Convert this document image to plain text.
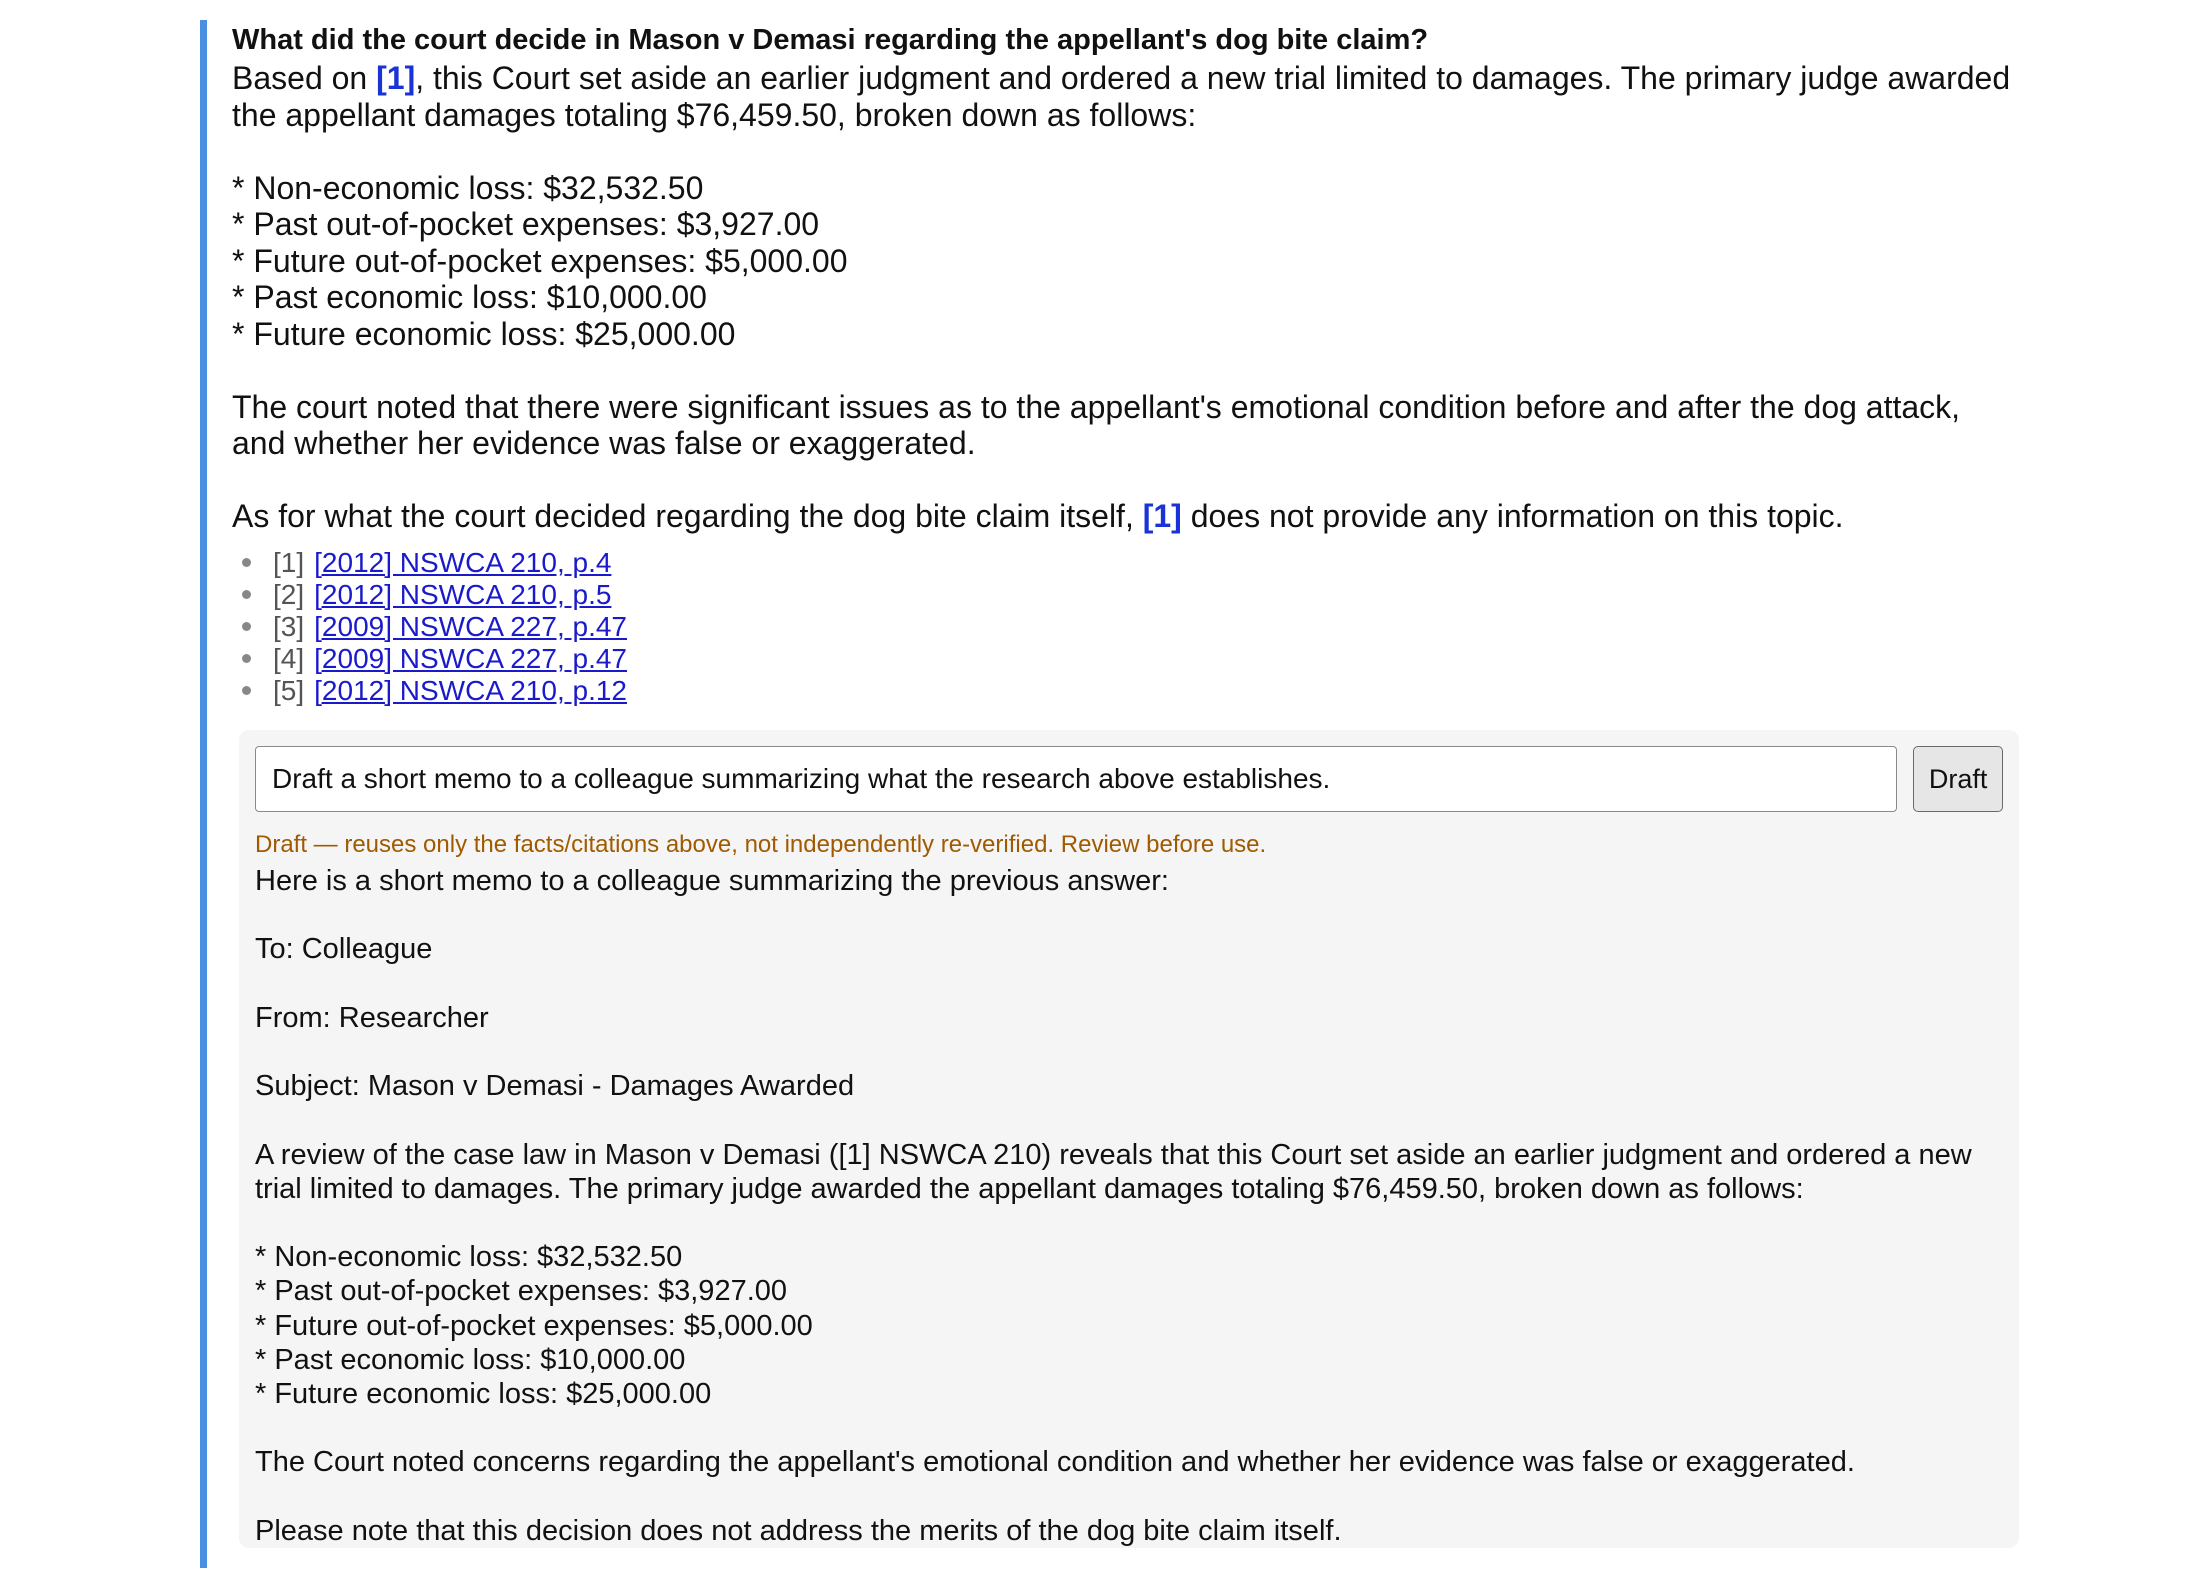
What did the court decide in Mason v Demasi regarding the appellant's dog bite claim?

Based on [1], this Court set aside an earlier judgment and ordered a new trial limited to damages. The primary judge awarded the appellant damages totaling $76,459.50, broken down as follows:

* Non-economic loss: $32,532.50

* Past out-of-pocket expenses: $3,927.00

* Future out-of-pocket expenses: $5,000.00

* Past economic loss: $10,000.00

* Future economic loss: $25,000.00

The court noted that there were significant issues as to the appellant's emotional condition before and after the dog attack, and whether her evidence was false or exaggerated.

As for what the court decided regarding the dog bite claim itself, [1] does not provide any information on this topic.

[1] [2012] NSWCA 210, p.4
[2] [2012] NSWCA 210, p.5
[3] [2009] NSWCA 227, p.47
[4] [2009] NSWCA 227, p.47
[5] [2012] NSWCA 210, p.12
Draft a short memo to a colleague summarizing what the research above establishes.
Draft
Draft — reuses only the facts/citations above, not independently re-verified. Review before use.

Here is a short memo to a colleague summarizing the previous answer:

To: Colleague

From: Researcher

Subject: Mason v Demasi - Damages Awarded

A review of the case law in Mason v Demasi ([1] NSWCA 210) reveals that this Court set aside an earlier judgment and ordered a new trial limited to damages. The primary judge awarded the appellant damages totaling $76,459.50, broken down as follows:

* Non-economic loss: $32,532.50

* Past out-of-pocket expenses: $3,927.00

* Future out-of-pocket expenses: $5,000.00

* Past economic loss: $10,000.00

* Future economic loss: $25,000.00

The Court noted concerns regarding the appellant's emotional condition and whether her evidence was false or exaggerated.

Please note that this decision does not address the merits of the dog bite claim itself.
